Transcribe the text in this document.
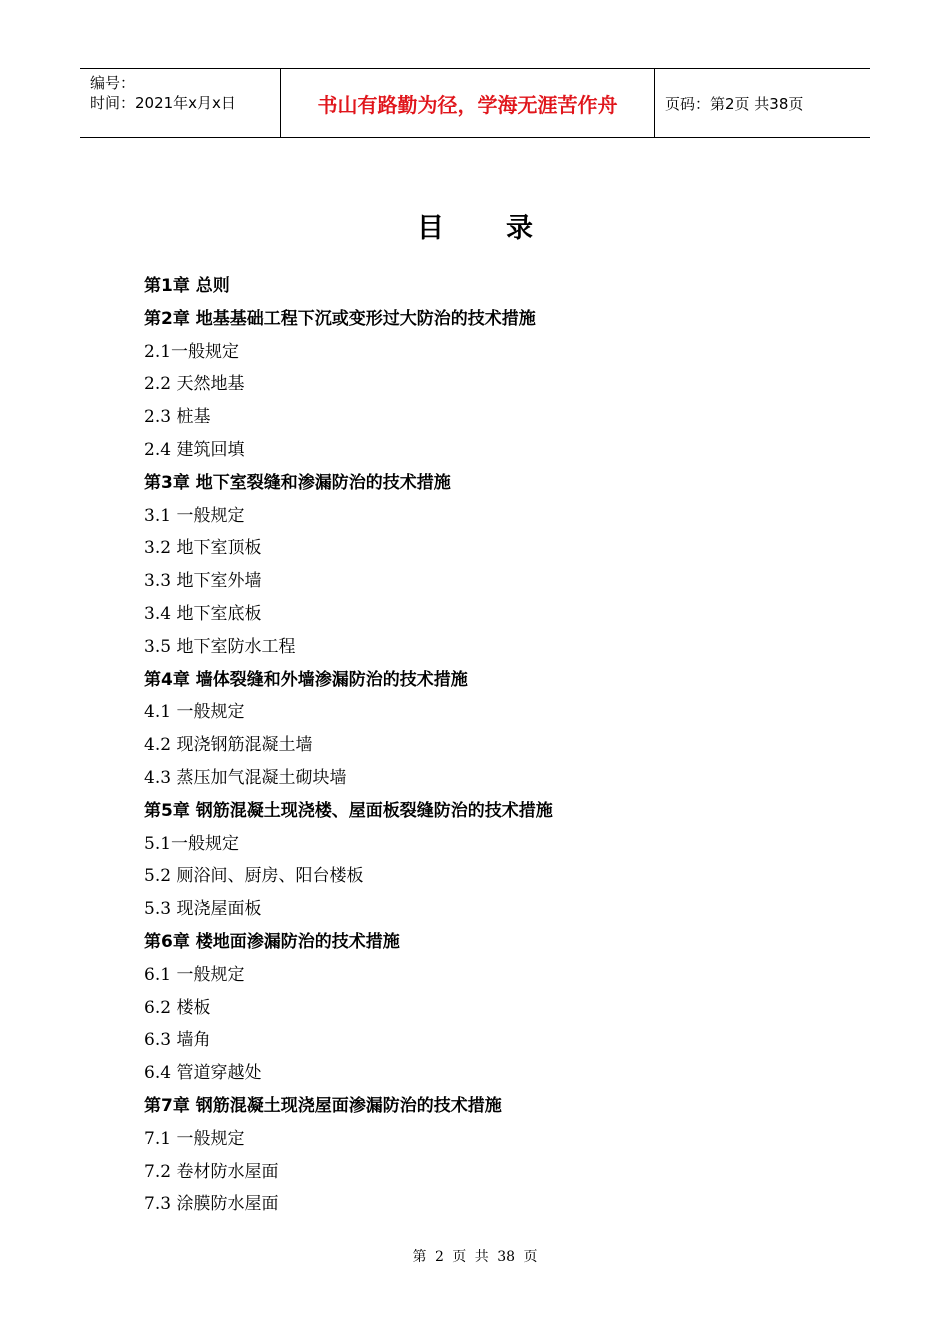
编号：
时间：2021年x月x日	书山有路勤为径，学海无涯苦作舟	页码：第2页 共38页
目录
第1章 总则
第2章 地基基础工程下沉或变形过大防治的技术措施
2.1一般规定
2.2 天然地基
2.3 桩基
2.4 建筑回填
第3章 地下室裂缝和渗漏防治的技术措施
3.1 一般规定
3.2 地下室顶板
3.3 地下室外墙
3.4 地下室底板
3.5 地下室防水工程
第4章 墙体裂缝和外墙渗漏防治的技术措施
4.1 一般规定
4.2 现浇钢筋混凝土墙
4.3 蒸压加气混凝土砌块墙
第5章 钢筋混凝土现浇楼、屋面板裂缝防治的技术措施
5.1一般规定
5.2 厕浴间、厨房、阳台楼板
5.3 现浇屋面板
第6章 楼地面渗漏防治的技术措施
6.1 一般规定
6.2 楼板
6.3 墙角
6.4 管道穿越处
第7章 钢筋混凝土现浇屋面渗漏防治的技术措施
7.1 一般规定
7.2 卷材防水屋面
7.3 涂膜防水屋面
第 2 页 共 38 页
